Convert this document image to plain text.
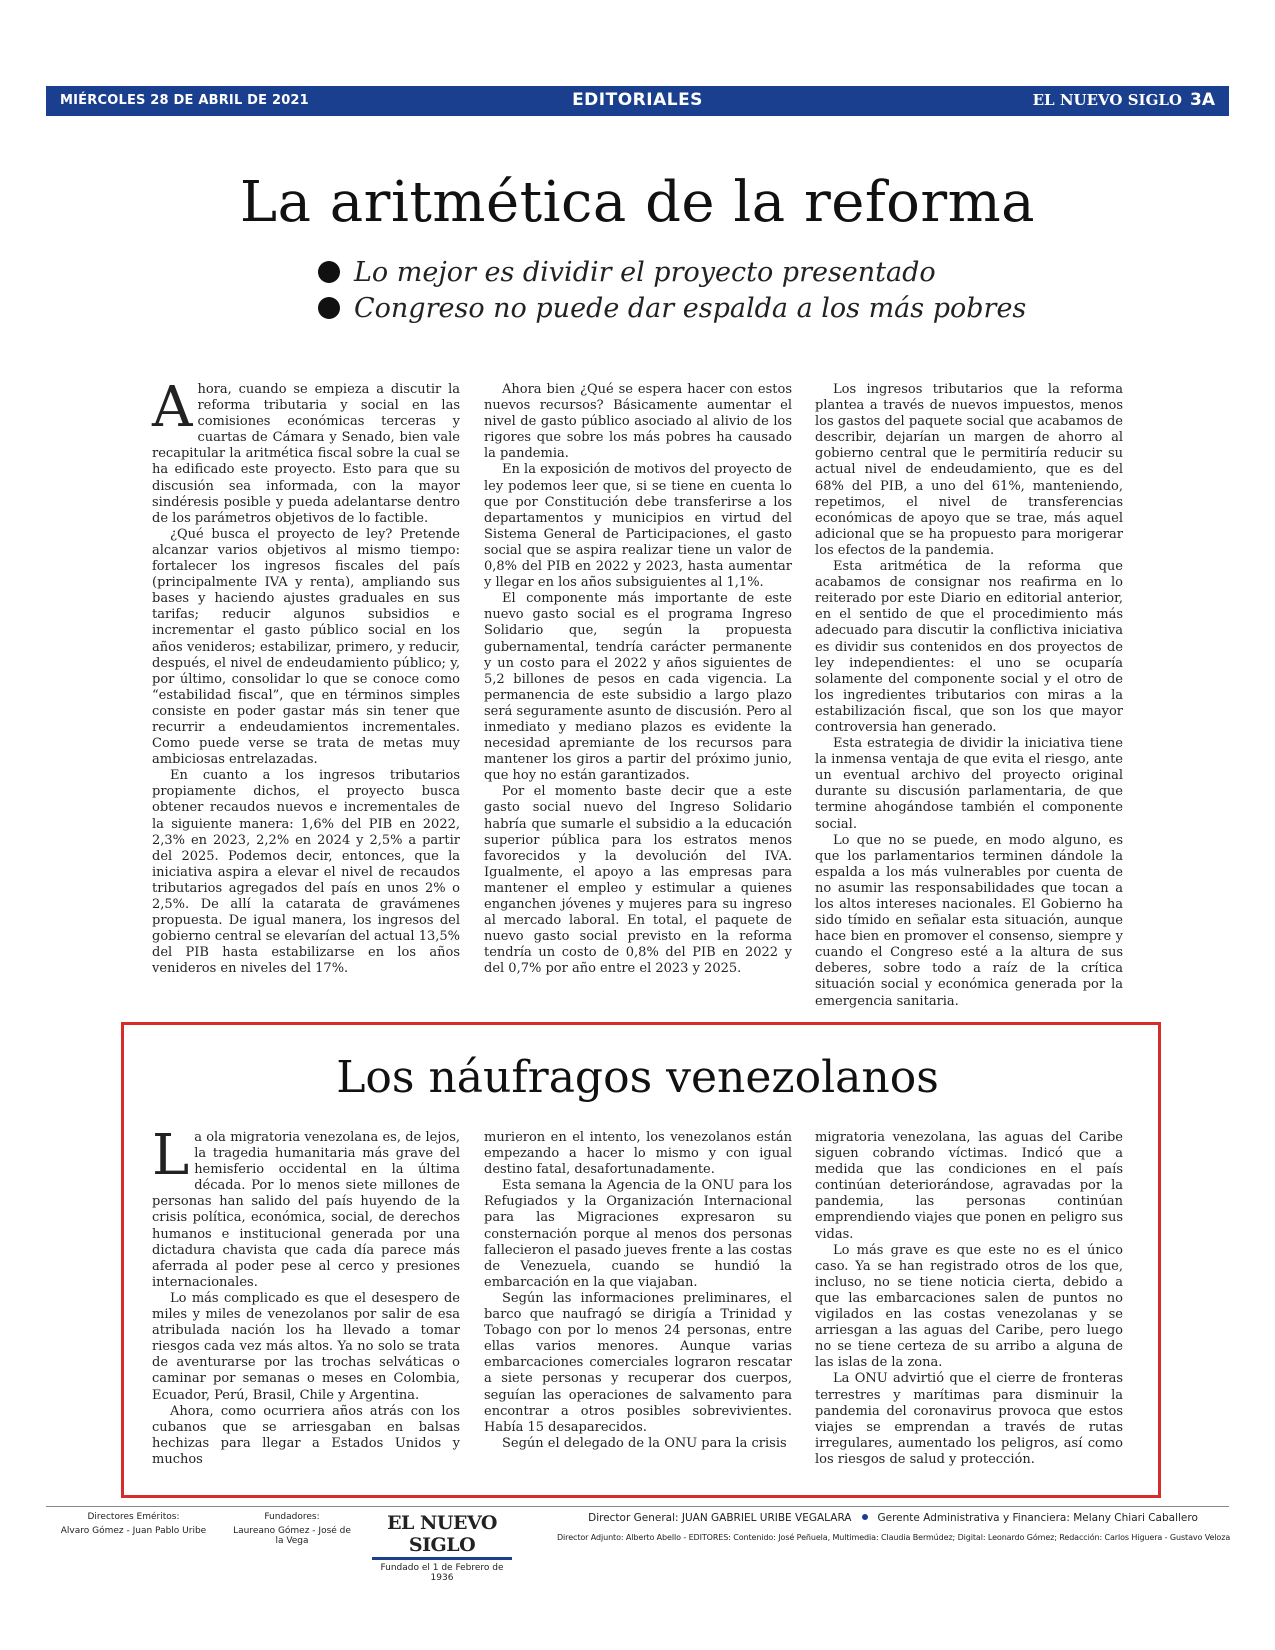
MIÉRCOLES 28 DE ABRIL DE 2021	EDITORIALES	EL NUEVO SIGLO 3A
La aritmética de la reforma
Lo mejor es dividir el proyecto presentado
Congreso no puede dar espalda a los más pobres
A hora, cuando se empieza a discutir la reforma tributaria y social en las comisiones económicas terceras y cuartas de Cámara y Senado, bien vale recapitular la aritmética fiscal sobre la cual se ha edificado este proyecto. Esto para que su discusión sea informada, con la mayor sindéresis posible y pueda adelantarse dentro de los parámetros objetivos de lo factible.

¿Qué busca el proyecto de ley? Pretende alcanzar varios objetivos al mismo tiempo: fortalecer los ingresos fiscales del país (principalmente IVA y renta), ampliando sus bases y haciendo ajustes graduales en sus tarifas; reducir algunos subsidios e incrementar el gasto público social en los años venideros; estabilizar, primero, y reducir, después, el nivel de endeudamiento público; y, por último, consolidar lo que se conoce como “estabilidad fiscal”, que en términos simples consiste en poder gastar más sin tener que recurrir a endeudamientos incrementales. Como puede verse se trata de metas muy ambiciosas entrelazadas.

En cuanto a los ingresos tributarios propiamente dichos, el proyecto busca obtener recaudos nuevos e incrementales de la siguiente manera: 1,6% del PIB en 2022, 2,3% en 2023, 2,2% en 2024 y 2,5% a partir del 2025. Podemos decir, entonces, que la iniciativa aspira a elevar el nivel de recaudos tributarios agregados del país en unos 2% o 2,5%. De allí la catarata de gravámenes propuesta. De igual manera, los ingresos del gobierno central se elevarían del actual 13,5% del PIB hasta estabilizarse en los años venideros en niveles del 17%.

Ahora bien ¿Qué se espera hacer con estos nuevos recursos? Básicamente aumentar el nivel de gasto público asociado al alivio de los rigores que sobre los más pobres ha causado la pandemia.

En la exposición de motivos del proyecto de ley podemos leer que, si se tiene en cuenta lo que por Constitución debe transferirse a los departamentos y municipios en virtud del Sistema General de Participaciones, el gasto social que se aspira realizar tiene un valor de 0,8% del PIB en 2022 y 2023, hasta aumentar y llegar en los años subsiguientes al 1,1%.

El componente más importante de este nuevo gasto social es el programa Ingreso Solidario que, según la propuesta gubernamental, tendría carácter permanente y un costo para el 2022 y años siguientes de 5,2 billones de pesos en cada vigencia. La permanencia de este subsidio a largo plazo será seguramente asunto de discusión. Pero al inmediato y mediano plazos es evidente la necesidad apremiante de los recursos para mantener los giros a partir del próximo junio, que hoy no están garantizados.

Por el momento baste decir que a este gasto social nuevo del Ingreso Solidario habría que sumarle el subsidio a la educación superior pública para los estratos menos favorecidos y la devolución del IVA. Igualmente, el apoyo a las empresas para mantener el empleo y estimular a quienes enganchen jóvenes y mujeres para su ingreso al mercado laboral. En total, el paquete de nuevo gasto social previsto en la reforma tendría un costo de 0,8% del PIB en 2022 y del 0,7% por año entre el 2023 y 2025.

Los ingresos tributarios que la reforma plantea a través de nuevos impuestos, menos los gastos del paquete social que acabamos de describir, dejarían un margen de ahorro al gobierno central que le permitiría reducir su actual nivel de endeudamiento, que es del 68% del PIB, a uno del 61%, manteniendo, repetimos, el nivel de transferencias económicas de apoyo que se trae, más aquel adicional que se ha propuesto para morigerar los efectos de la pandemia.

Esta aritmética de la reforma que acabamos de consignar nos reafirma en lo reiterado por este Diario en editorial anterior, en el sentido de que el procedimiento más adecuado para discutir la conflictiva iniciativa es dividir sus contenidos en dos proyectos de ley independientes: el uno se ocuparía solamente del componente social y el otro de los ingredientes tributarios con miras a la estabilización fiscal, que son los que mayor controversia han generado.

Esta estrategia de dividir la iniciativa tiene la inmensa ventaja de que evita el riesgo, ante un eventual archivo del proyecto original durante su discusión parlamentaria, de que termine ahogándose también el componente social.

Lo que no se puede, en modo alguno, es que los parlamentarios terminen dándole la espalda a los más vulnerables por cuenta de no asumir las responsabilidades que tocan a los altos intereses nacionales. El Gobierno ha sido tímido en señalar esta situación, aunque hace bien en promover el consenso, siempre y cuando el Congreso esté a la altura de sus deberes, sobre todo a raíz de la crítica situación social y económica generada por la emergencia sanitaria.

Los náufragos venezolanos
L a ola migratoria venezolana es, de lejos, la tragedia humanitaria más grave del hemisferio occidental en la última década. Por lo menos siete millones de personas han salido del país huyendo de la crisis política, económica, social, de derechos humanos e institucional generada por una dictadura chavista que cada día parece más aferrada al poder pese al cerco y presiones internacionales.

Lo más complicado es que el desespero de miles y miles de venezolanos por salir de esa atribulada nación los ha llevado a tomar riesgos cada vez más altos. Ya no solo se trata de aventurarse por las trochas selváticas o caminar por semanas o meses en Colombia, Ecuador, Perú, Brasil, Chile y Argentina.

Ahora, como ocurriera años atrás con los cubanos que se arriesgaban en balsas hechizas para llegar a Estados Unidos y muchos

murieron en el intento, los venezolanos están empezando a hacer lo mismo y con igual destino fatal, desafortunadamente.

Esta semana la Agencia de la ONU para los Refugiados y la Organización Internacional para las Migraciones expresaron su consternación porque al menos dos personas fallecieron el pasado jueves frente a las costas de Venezuela, cuando se hundió la embarcación en la que viajaban.

Según las informaciones preliminares, el barco que naufragó se dirigía a Trinidad y Tobago con por lo menos 24 personas, entre ellas varios menores. Aunque varias embarcaciones comerciales lograron rescatar a siete personas y recuperar dos cuerpos, seguían las operaciones de salvamento para encontrar a otros posibles sobrevivientes. Había 15 desaparecidos.

Según el delegado de la ONU para la crisis

migratoria venezolana, las aguas del Caribe siguen cobrando víctimas. Indicó que a medida que las condiciones en el país continúan deteriorándose, agravadas por la pandemia, las personas continúan emprendiendo viajes que ponen en peligro sus vidas.

Lo más grave es que este no es el único caso. Ya se han registrado otros de los que, incluso, no se tiene noticia cierta, debido a que las embarcaciones salen de puntos no vigilados en las costas venezolanas y se arriesgan a las aguas del Caribe, pero luego no se tiene certeza de su arribo a alguna de las islas de la zona.

La ONU advirtió que el cierre de fronteras terrestres y marítimas para disminuir la pandemia del coronavirus provoca que estos viajes se emprendan a través de rutas irregulares, aumentado los peligros, así como los riesgos de salud y protección.

Directores Eméritos:
Alvaro Gómez - Juan Pablo Uribe
Fundadores:
Laureano Gómez - José de la Vega
EL NUEVO SIGLO
Fundado el 1 de Febrero de 1936
Director General: JUAN GABRIEL URIBE VEGALARA Gerente Administrativa y Financiera: Melany Chiari Caballero
Director Adjunto: Alberto Abello - EDITORES: Contenido: José Peñuela, Multimedia: Claudia Bermúdez; Digital: Leonardo Gómez; Redacción: Carlos Higuera - Gustavo Veloza
